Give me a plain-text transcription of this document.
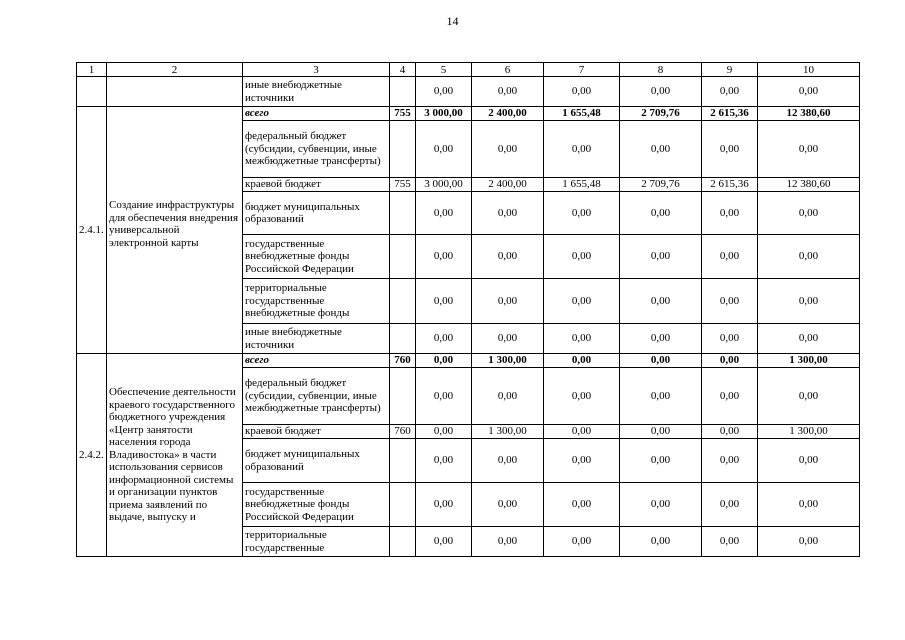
14
1	2	3	4	5	6	7	8	9	10
		иные внебюджетные источники		0,00	0,00	0,00	0,00	0,00	0,00
2.4.1.	Создание инфраструктуры для обеспечения внедрения универсальной электронной карты	всего	755	3 000,00	2 400,00	1 655,48	2 709,76	2 615,36	12 380,60
		федеральный бюджет (субсидии, субвенции, иные межбюджетные трансферты)		0,00	0,00	0,00	0,00	0,00	0,00
		краевой бюджет	755	3 000,00	2 400,00	1 655,48	2 709,76	2 615,36	12 380,60
		бюджет муниципальных образований		0,00	0,00	0,00	0,00	0,00	0,00
		государственные внебюджетные фонды Российской Федерации		0,00	0,00	0,00	0,00	0,00	0,00
		территориальные государственные внебюджетные фонды		0,00	0,00	0,00	0,00	0,00	0,00
		иные внебюджетные источники		0,00	0,00	0,00	0,00	0,00	0,00
2.4.2.	Обеспечение деятельности краевого государственного бюджетного учреждения «Центр занятости населения города Владивостока» в части использования сервисов информационной системы и организации пунктов приема заявлений по выдаче, выпуску и	всего	760	0,00	1 300,00	0,00	0,00	0,00	1 300,00
		федеральный бюджет (субсидии, субвенции, иные межбюджетные трансферты)		0,00	0,00	0,00	0,00	0,00	0,00
		краевой бюджет	760	0,00	1 300,00	0,00	0,00	0,00	1 300,00
		бюджет муниципальных образований		0,00	0,00	0,00	0,00	0,00	0,00
		государственные внебюджетные фонды Российской Федерации		0,00	0,00	0,00	0,00	0,00	0,00
		территориальные государственные		0,00	0,00	0,00	0,00	0,00	0,00
